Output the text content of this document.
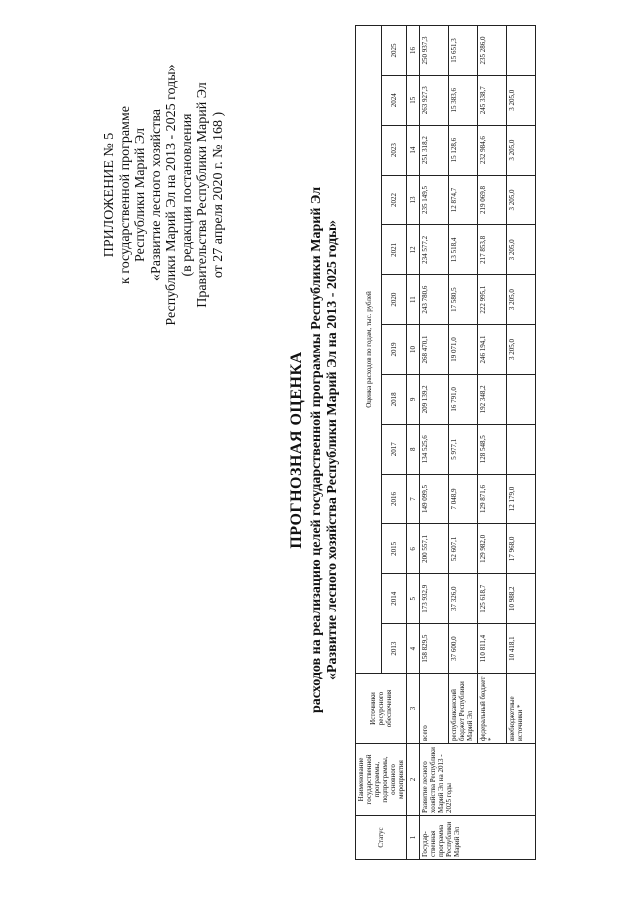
ПРИЛОЖЕНИЕ № 5 к государственной программе Республики Марий Эл «Развитие лесного хозяйства Республики Марий Эл на 2013 - 2025 годы» (в редакции постановления Правительства Республики Марий Эл от 27 апреля 2020 г. № 168 )
ПРОГНОЗНАЯ ОЦЕНКА расходов на реализацию целей государственной программы Республики Марий Эл «Развитие лесного хозяйства Республики Марий Эл на 2013 - 2025 годы»
Статус	Наименование государственной программы, подпрограммы, основного мероприятия	Источники ресурсного обеспечения	Оценка расходов по годам, тыс. рублей												
			2013	2014	2015	2016	2017	2018	2019	2020	2021	2022	2023	2024	2025
1	2	3	4	5	6	7	8	9	10	11	12	13	14	15	16
Государ-ственная программа Республики Марий Эл	Развитие лесного хозяйства Республики Марий Эл на 2013 - 2025 годы	всего	158 829,5	173 932,9	200 557,1	149 099,5	134 525,6	209 139,2	268 470,1	243 780,6	234 577,2	235 149,5	251 318,2	263 927,3	250 937,3
		республиканский бюджет Республики Марий Эл	37 600,0	37 326,0	52 607,1	7 048,9	5 977,1	16 791,0	19 071,0	17 580,5	13 518,4	12 874,7	15 128,6	15 383,6	15 651,3
		федеральный бюджет *	110 811,4	125 618,7	129 982,0	129 871,6	128 548,5	192 348,2	246 194,1	222 995,1	217 853,8	219 069,8	232 984,6	245 338,7	235 286,0
		внебюджетные источники *	10 418,1	10 988,2	17 968,0	12 179,0			3 205,0	3 205,0	3 205,0	3 205,0	3 205,0	3 205,0	
